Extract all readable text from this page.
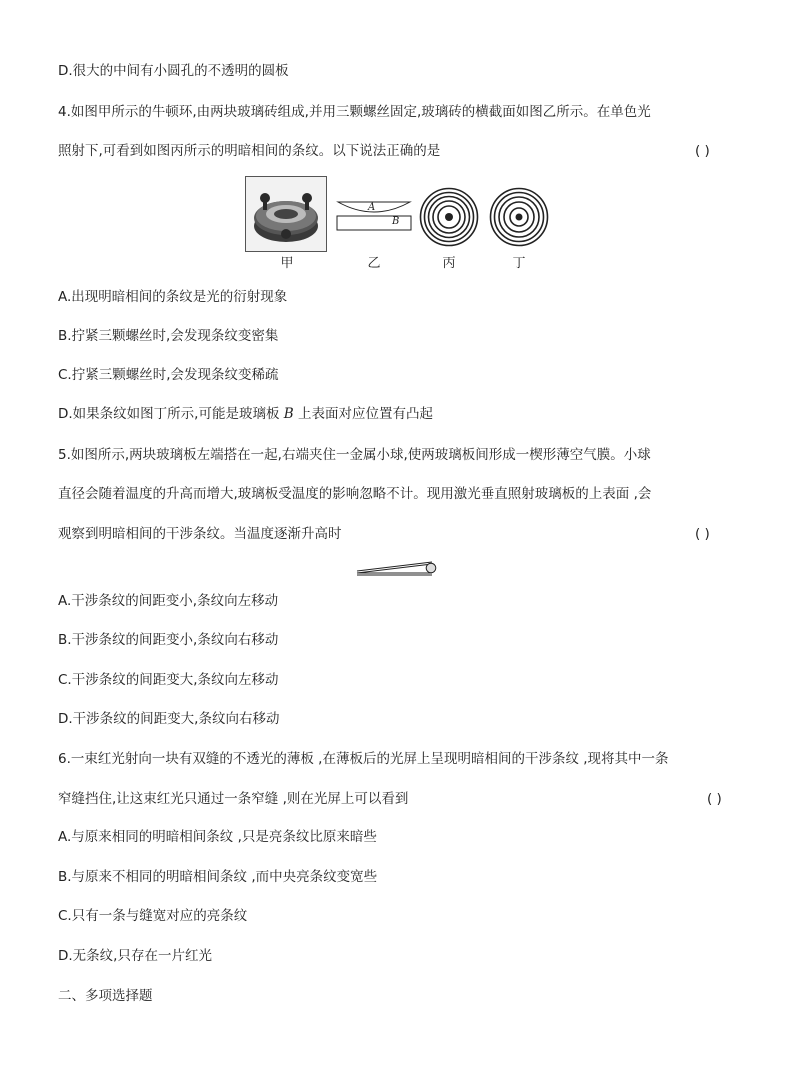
D.很大的中间有小圆孔的不透明的圆板
4.如图甲所示的牛顿环,由两块玻璃砖组成,并用三颗螺丝固定,玻璃砖的横截面如图乙所示。在单色光
照射下,可看到如图丙所示的明暗相间的条纹。以下说法正确的是	( )
A
B
甲	乙	丙	丁
A.出现明暗相间的条纹是光的衍射现象
B.拧紧三颗螺丝时,会发现条纹变密集
C.拧紧三颗螺丝时,会发现条纹变稀疏
D.如果条纹如图丁所示,可能是玻璃板 B 上表面对应位置有凸起
5.如图所示,两块玻璃板左端搭在一起,右端夹住一金属小球,使两玻璃板间形成一楔形薄空气膜。小球
直径会随着温度的升高而增大,玻璃板受温度的影响忽略不计。现用激光垂直照射玻璃板的上表面 ,会
观察到明暗相间的干涉条纹。当温度逐渐升高时	( )
A.干涉条纹的间距变小,条纹向左移动
B.干涉条纹的间距变小,条纹向右移动
C.干涉条纹的间距变大,条纹向左移动
D.干涉条纹的间距变大,条纹向右移动
6.一束红光射向一块有双缝的不透光的薄板 ,在薄板后的光屏上呈现明暗相间的干涉条纹 ,现将其中一条
窄缝挡住,让这束红光只通过一条窄缝 ,则在光屏上可以看到	( )
A.与原来相同的明暗相间条纹 ,只是亮条纹比原来暗些
B.与原来不相同的明暗相间条纹 ,而中央亮条纹变宽些
C.只有一条与缝宽对应的亮条纹
D.无条纹,只存在一片红光
二、多项选择题
